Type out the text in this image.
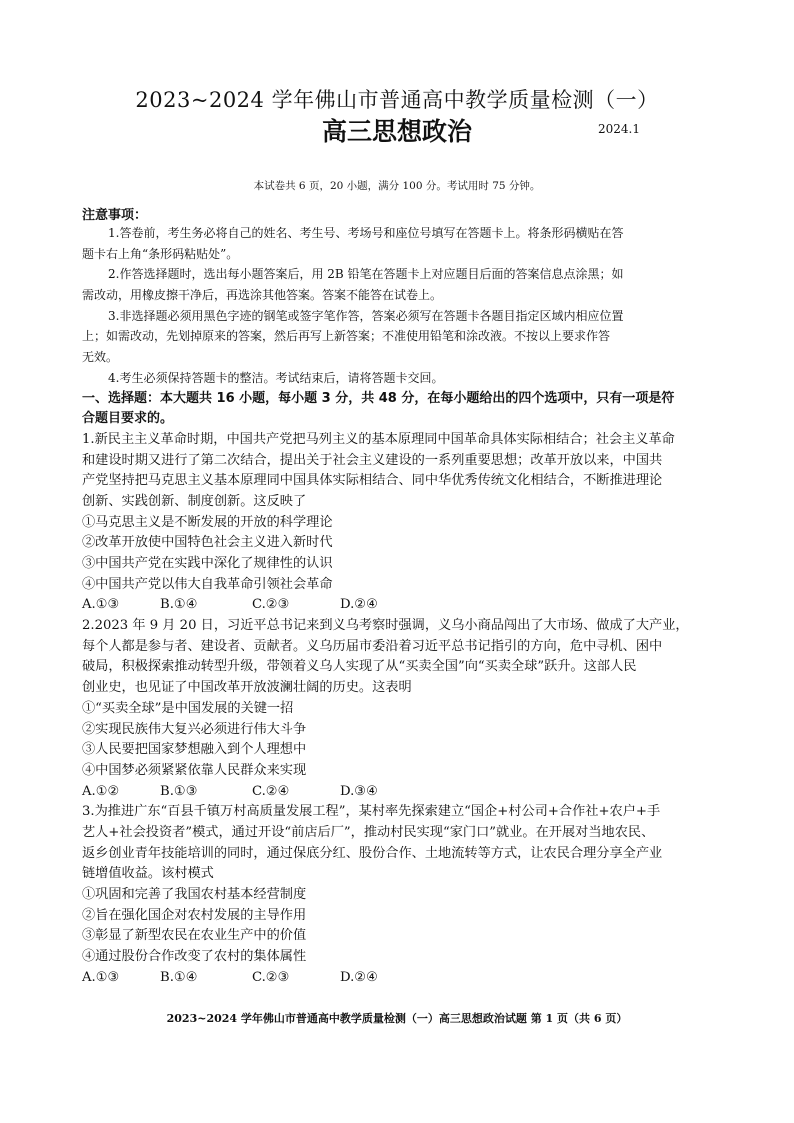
2023~2024 学年佛山市普通高中教学质量检测（一）
高三思想政治	2024.1
本试卷共 6 页，20 小题，满分 100 分。考试用时 75 分钟。
注意事项：
1.答卷前，考生务必将自己的姓名、考生号、考场号和座位号填写在答题卡上。将条形码横贴在答
题卡右上角“条形码粘贴处”。
2.作答选择题时，选出每小题答案后，用 2B 铅笔在答题卡上对应题目后面的答案信息点涂黑；如
需改动，用橡皮擦干净后，再选涂其他答案。答案不能答在试卷上。
3.非选择题必须用黑色字迹的钢笔或签字笔作答，答案必须写在答题卡各题目指定区域内相应位置
上；如需改动，先划掉原来的答案，然后再写上新答案；不准使用铅笔和涂改液。不按以上要求作答
无效。
4.考生必须保持答题卡的整洁。考试结束后，请将答题卡交回。
一、选择题：本大题共 16 小题，每小题 3 分，共 48 分，在每小题给出的四个选项中，只有一项是符
合题目要求的。
1.新民主主义革命时期，中国共产党把马列主义的基本原理同中国革命具体实际相结合；社会主义革命
和建设时期又进行了第二次结合，提出关于社会主义建设的一系列重要思想；改革开放以来，中国共
产党坚持把马克思主义基本原理同中国具体实际相结合、同中华优秀传统文化相结合，不断推进理论
创新、实践创新、制度创新。这反映了
①马克思主义是不断发展的开放的科学理论
②改革开放使中国特色社会主义进入新时代
③中国共产党在实践中深化了规律性的认识
④中国共产党以伟大自我革命引领社会革命
A.①③	B.①④	C.②③	D.②④
2.2023 年 9 月 20 日，习近平总书记来到义乌考察时强调，义乌小商品闯出了大市场、做成了大产业，
每个人都是参与者、建设者、贡献者。义乌历届市委沿着习近平总书记指引的方向，危中寻机、困中
破局，积极探索推动转型升级，带领着义乌人实现了从“买卖全国”向“买卖全球”跃升。这部人民
创业史，也见证了中国改革开放波澜壮阔的历史。这表明
①“买卖全球”是中国发展的关键一招
②实现民族伟大复兴必须进行伟大斗争
③人民要把国家梦想融入到个人理想中
④中国梦必须紧紧依靠人民群众来实现
A.①②	B.①③	C.②④	D.③④
3.为推进广东“百县千镇万村高质量发展工程”，某村率先探索建立“国企+村公司+合作社+农户+手
艺人+社会投资者”模式，通过开设“前店后厂”，推动村民实现“家门口”就业。在开展对当地农民、
返乡创业青年技能培训的同时，通过保底分红、股份合作、土地流转等方式，让农民合理分享全产业
链增值收益。该村模式
①巩固和完善了我国农村基本经营制度
②旨在强化国企对农村发展的主导作用
③彰显了新型农民在农业生产中的价值
④通过股份合作改变了农村的集体属性
A.①③	B.①④	C.②③	D.②④
2023~2024 学年佛山市普通高中教学质量检测（一）高三思想政治试题 第 1 页（共 6 页）
